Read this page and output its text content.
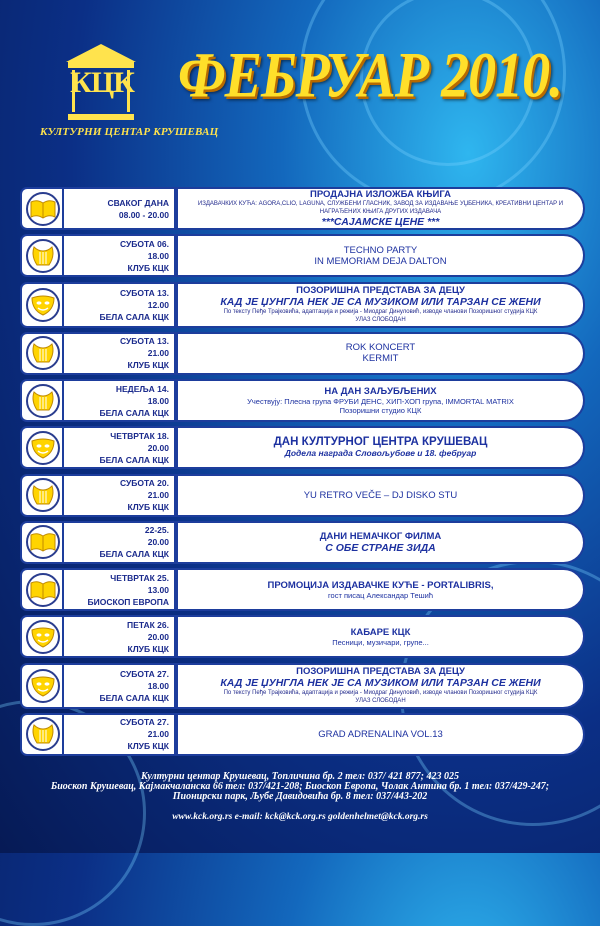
КЦК
КУЛТУРНИ ЦЕНТАР КРУШЕВАЦ
ФЕБРУАР 2010.
СВАКОГ ДАНА
08.00 - 20.00
ПРОДАЈНА ИЗЛОЖБА КЊИГА
ИЗДАВАЧКИХ КУЋА: AGORA,CLIO, LAGUNA, СЛУЖБЕНИ ГЛАСНИК, ЗАВОД ЗА ИЗДАВАЊЕ УЏБЕНИКА, КРЕАТИВНИ ЦЕНТАР И НАГРАЂЕНИХ КЊИГА ДРУГИХ ИЗДАВАЧА
***САЈАМСКЕ ЦЕНЕ ***
СУБОТА 06.
18.00
КЛУБ КЦК
TECHNO PARTY
IN MEMORIAM DEJA DALTON
СУБОТА 13.
12.00
БЕЛА САЛА КЦК
ПОЗОРИШНА ПРЕДСТАВА ЗА ДЕЦУ
КАД ЈЕ ЏУНГЛА НЕК ЈЕ СА МУЗИКОМ ИЛИ ТАРЗАН СЕ ЖЕНИ
По тексту Пеђе Трајковића, адаптација и режија - Миодраг Динуловић, изводе чланови Позоришног студија КЦК
УЛАЗ СЛОБОДАН
СУБОТА 13.
21.00
КЛУБ КЦК
ROK KONCERT
KERMIT
НЕДЕЉА 14.
18.00
БЕЛА САЛА КЦК
НА ДАН ЗАЉУБЉЕНИХ
Учествују: Плесна група ФРУБИ ДЕНС, ХИП-ХОП група, IMMORTAL MATRIX
Позоришни студио КЦК
ЧЕТВРТАК 18.
20.00
БЕЛА САЛА КЦК
ДАН КУЛТУРНОГ ЦЕНТРА КРУШЕВАЦ
Додела награда Словољубове и 18. фебруар
СУБОТА 20.
21.00
КЛУБ КЦК
YU RETRO VEČE – DJ DISKO STU
22-25.
20.00
БЕЛА САЛА КЦК
ДАНИ НЕМАЧКОГ ФИЛМА
С ОБЕ СТРАНЕ ЗИДА
ЧЕТВРТАК 25.
13.00
БИОСКОП ЕВРОПА
ПРОМОЦИЈА ИЗДАВАЧКЕ КУЋЕ - PORTALIBRIS,
гост писац Александар Тешић
ПЕТАК 26.
20.00
КЛУБ КЦК
КАБАРЕ КЦК
Песници, музичари, групе...
СУБОТА 27.
18.00
БЕЛА САЛА КЦК
ПОЗОРИШНА ПРЕДСТАВА ЗА ДЕЦУ
КАД ЈЕ ЏУНГЛА НЕК ЈЕ СА МУЗИКОМ ИЛИ ТАРЗАН СЕ ЖЕНИ
По тексту Пеђе Трајковића, адаптација и режија - Миодраг Динуловић, изводе чланови Позоришног студија КЦК
УЛАЗ СЛОБОДАН
СУБОТА 27.
21.00
КЛУБ КЦК
GRAD ADRENALINA VOL.13
Културни центар Крушевац, Топличина бр. 2 тел: 037/ 421 877; 423 025
Биоскоп Крушевац, Кајмакчаланска 66 тел: 037/421-208; Биоскоп Европа, Чолак Антина бр. 1 тел: 037/429-247;
Пионирски парк, Љубе Давидовића бр. 8 тел: 037/443-202
www.kck.org.rs e-mail: kck@kck.org.rs goldenhelmet@kck.org.rs
